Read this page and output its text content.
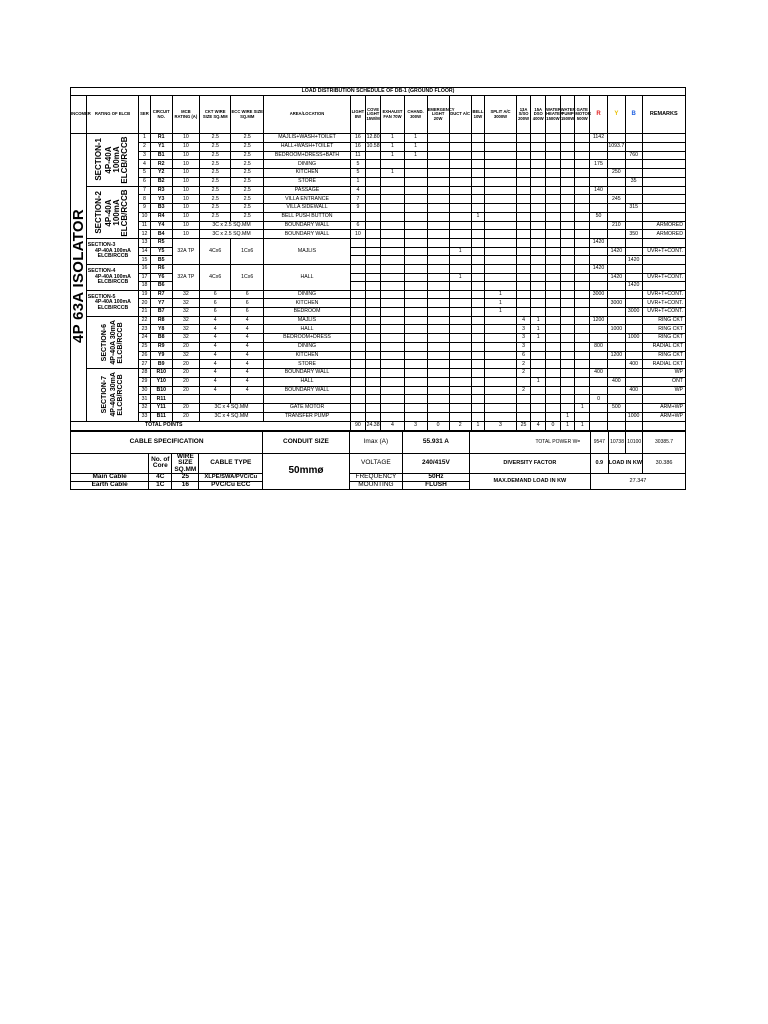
LOAD DISTRIBUTION SCHEDULE OF DB-1 (GROUND FLOOR)																								
INCOMER	RATING OF ELCB	SER	CIRCUIT NO.	MCB RATING (A)	CKT WIRE SIZE SQ.MM	ECC WIRE SIZE SQ.MM	AREA/LOCATION	LIGHT 8W	COVE LIGHT 15W/M	EXHAUST FAN 70W	CHAND. 300W	EMERGENCY LIGHT 20W	DUCT A/C	BELL 10W	SPLIT A/C 3000W	13A S/SO 200W	15A DSO 400W	WATER HEATER 1500W	WATER PUMP 1500W	GATE MOTOR 500W	R	Y	B	REMARKS
4P 63A ISOLATOR	SECTION-1 4P-40A 100mA ELCB/RCCB	1	R1	10	2.5	2.5	MAJLIS+WASH+TOILET	16	12.80	1	1										1142			
		2	Y1	10	2.5	2.5	HALL+WASH+TOILET	16	10.58	1	1											1093.7		
		3	B1	10	2.5	2.5	BEDROOM+DRESS+BATH	11		1	1												760	
		4	R2	10	2.5	2.5	DINING	5													175			
		5	Y2	10	2.5	2.5	KITCHEN	5		1												250		
		6	B2	10	2.5	2.5	STORE	1															35	

	SECTION-2 4P-40A 100mA ELCB/RCCB	7	R3	10	2.5	2.5	PASSAGE	4													140			
		8	Y3	10	2.5	2.5	VILLA ENTRANCE	7														245		
		9	B3	10	2.5	2.5	VILLA SIDEWALL	9															315	
		10	R4	10	2.5	2.5	BELL PUSH BUTTON							1							50			
		11	Y4	10	3C x 2.5 SQ.MM		BOUNDARY WALL	6														210		ARMORED
		12	B4	10	3C x 2.5 SQ.MM		BOUNDARY WALL	10															350	ARMORED

	SECTION-3
4P-40A 100mA ELCB/RCCB	13	R5	32A TP	4Cx6	1Cx6	MAJLIS														1420			
		14	Y5										1									1420		UVR+T+CONT.
		15	B5																				1420	

	SECTION-4
4P-40A 100mA ELCB/RCCB	16	R6	32A TP	4Cx6	1Cx6	HALL														1420			
		17	Y6										1									1420		UVR+T+CONT.
		18	B6																				1420	

	SECTION-5
4P-40A 100mA ELCB/RCCB	19	R7	32	6	6	DINING								1						3000			UVR+T+CONT.
		20	Y7	32	6	6	KITCHEN								1							3000		UVR+T+CONT.
		21	B7	32	6	6	BEDROOM								1								3000	UVR+T+CONT.

	SECTION-6 4P-40A 30mA ELCB/RCCB	22	R8	32	4	4	MAJLIS									4	1				1200			RING CKT
		23	Y8	32	4	4	HALL									3	1					1000		RING CKT
		24	B8	32	4	4	BEDROOM+DRESS									3	1						1000	RING CKT
		25	R9	20	4	4	DINING									3					800			RADIAL CKT
		26	Y9	32	4	4	KITCHEN									6						1200		RING CKT
		27	B9	20	4	4	STORE									2							400	RADIAL CKT

	SECTION-7 4P-40A 30mA ELCB/RCCB	28	R10	20	4	4	BOUNDARY WALL									2					400			WP
		29	Y10	20	4	4	HALL										1					400		ONT
		30	B10	20	4	4	BOUNDARY WALL									2							400	WP
		31	R11																		0			
		32	Y11	20	3C x 4 SQ.MM		GATE MOTOR													1		500		ARM+WP
		33	B11	20	3C x 4 SQ.MM		TRANSFER PUMP												1				1000	ARM+WP
TOTAL POINTS								90	24.38	4	3	0	2	1	3	25	4	0	1	1				
CABLE SPECIFICATION				CONDUIT SIZE	Imax (A)	55.931 A		TOTAL POWER W=	9547	10738	10100	30385.7
	No. of Core	WIRE SIZE SQ.MM	CABLE TYPE	50mmø	VOLTAGE	240/415V	DIVERSITY FACTOR		0.9	LOAD IN KW		30.386
Main Cable	4C	25	XLPE/SWA/PVC/Cu		FREQUENCY	50Hz	MAX.DEMAND LOAD IN KW		27.347			
Earth Cable	1C	16	PVC/Cu ECC		MOUNTING	FLUSH						
